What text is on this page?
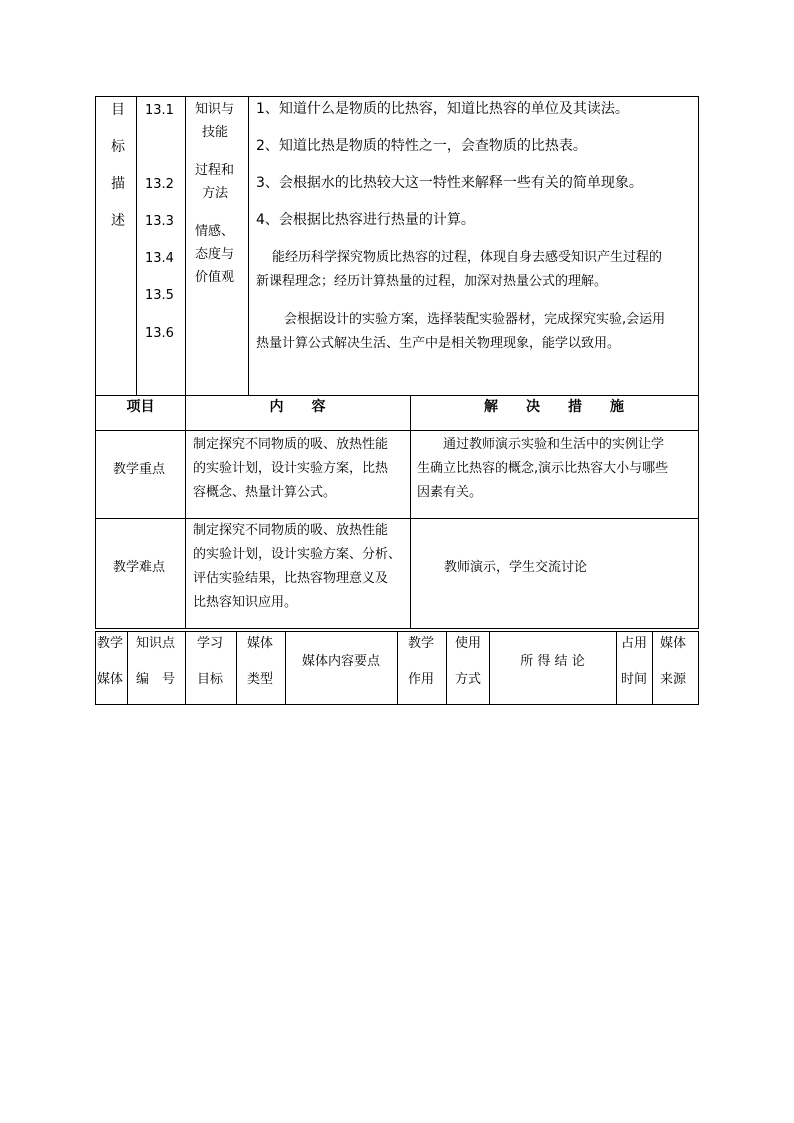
目
标
描
述
13.1
13.2
13.3
13.4
13.5
13.6
知识与
技能
过程和
方法
情感、
态度与
价值观
1、知道什么是物质的比热容，知道比热容的单位及其读法。
2、知道比热是物质的特性之一，会查物质的比热表。
3、会根据水的比热较大这一特性来解释一些有关的简单现象。
4、会根据比热容进行热量的计算。
能经历科学探究物质比热容的过程，体现自身去感受知识产生过程的
新课程理念；经历计算热量的过程，加深对热量公式的理解。
会根据设计的实验方案，选择装配实验器材，完成探究实验,会运用
热量计算公式解决生活、生产中是相关物理现象，能学以致用。
项目	内　　容	解　　决　　措　　施
教学重点
制定探究不同物质的吸、放热性能
的实验计划，设计实验方案，比热
容概念、热量计算公式。
通过教师演示实验和生活中的实例让学
生确立比热容的概念,演示比热容大小与哪些
因素有关。
教学难点
制定探究不同物质的吸、放热性能
的实验计划，设计实验方案、分析、
评估实验结果，比热容物理意义及
比热容知识应用。
教师演示，学生交流讨论
教学
媒体
知识点
编　号
学习
目标
媒体
类型
媒体内容要点
教学
作用
使用
方式
所 得 结 论
占用
时间
媒体
来源
